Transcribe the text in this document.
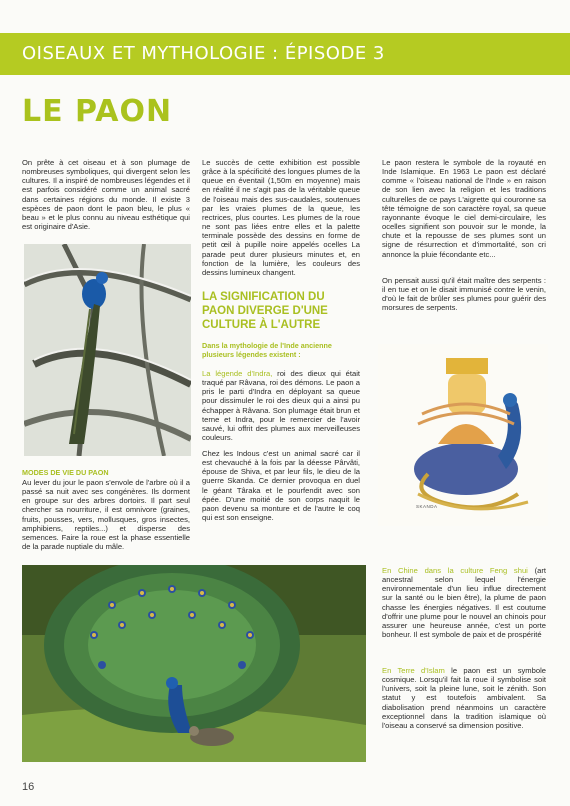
OISEAUX ET MYTHOLOGIE : ÉPISODE 3
LE PAON

On prête à cet oiseau et à son plumage de nombreuses symboliques, qui divergent selon les cultures. Il a inspiré de nombreuses légendes et il est parfois considéré comme un animal sacré dans certaines régions du monde. Il existe 3 espèces de paon dont le paon bleu, le plus « beau » et le plus connu au niveau esthétique qui est originaire d'Asie.

MODES DE VIE DU PAON

Au lever du jour le paon s'envole de l'arbre où il a passé sa nuit avec ses congénères. Ils dorment en groupe sur des arbres dortoirs. Il part seul chercher sa nourriture, il est omnivore (graines, fruits, pousses, vers, mollusques, gros insectes, amphibiens, reptiles...) et disperse des semences. Faire la roue est la phase essentielle de la parade nuptiale du mâle.

Le succès de cette exhibition est possible grâce à la spécificité des longues plumes de la queue en éventail (1,50m en moyenne) mais en réalité il ne s'agit pas de la véritable queue de l'oiseau mais des sus-caudales, soutenues par les vraies plumes de la queue, les rectrices, plus courtes. Les plumes de la roue ne sont pas liées entre elles et la palette terminale possède des dessins en forme de petit œil à pupille noire appelés ocelles La parade peut durer plusieurs minutes et, en fonction de la lumière, les couleurs des dessins lumineux changent.

LA SIGNIFICATION DU PAON DIVERGE D'UNE CULTURE À L'AUTRE

Dans la mythologie de l'Inde ancienne plusieurs légendes existent :

La légende d'Indra, roi des dieux qui était traqué par Râvana, roi des démons. Le paon a pris le parti d'Indra en déployant sa queue pour dissimuler le roi des dieux qui a ainsi pu échapper à Râvana. Son plumage était brun et terne et Indra, pour le remercier de l'avoir sauvé, lui offrit des plumes aux merveilleuses couleurs.

Chez les Indous c'est un animal sacré car il est chevauché à la fois par la déesse Pârvâti, épouse de Shiva, et par leur fils, le dieu de la guerre Skanda. Ce dernier provoqua en duel le géant Târaka et le pourfendit avec son épée. D'une moitié de son corps naquit le paon devenu sa monture et de l'autre le coq qui est son enseigne.

Le paon restera le symbole de la royauté en Inde Islamique. En 1963 Le paon est déclaré comme « l'oiseau national de l'Inde » en raison de son lien avec la religion et les traditions culturelles de ce pays L'aigrette qui couronne sa tête témoigne de son caractère royal, sa queue rayonnante évoque le ciel demi-circulaire, les ocelles signifient son pouvoir sur le monde, la chute et la repousse de ses plumes sont un signe de résurrection et d'immortalité, son cri annonce la pluie fécondante etc...

On pensait aussi qu'il était maître des serpents : il en tue et on le disait immunisé contre le venin, d'où le fait de brûler ses plumes pour guérir des morsures de serpents.

SKANDA

En Chine dans la culture Feng shui (art ancestral selon lequel l'énergie environnementale d'un lieu influe directement sur la santé ou le bien être), la plume de paon chasse les énergies négatives. Il est coutume d'offrir une plume pour le nouvel an chinois pour assurer une heureuse année, c'est un porte bonheur. Il est symbole de paix et de prospérité

En Terre d'Islam le paon est un symbole cosmique. Lorsqu'il fait la roue il symbolise soit l'univers, soit la pleine lune, soit le zénith. Son statut y est toutefois ambivalent. Sa diabolisation prend néanmoins un caractère exceptionnel dans la tradition islamique où l'oiseau a conservé sa dimension positive.

16
